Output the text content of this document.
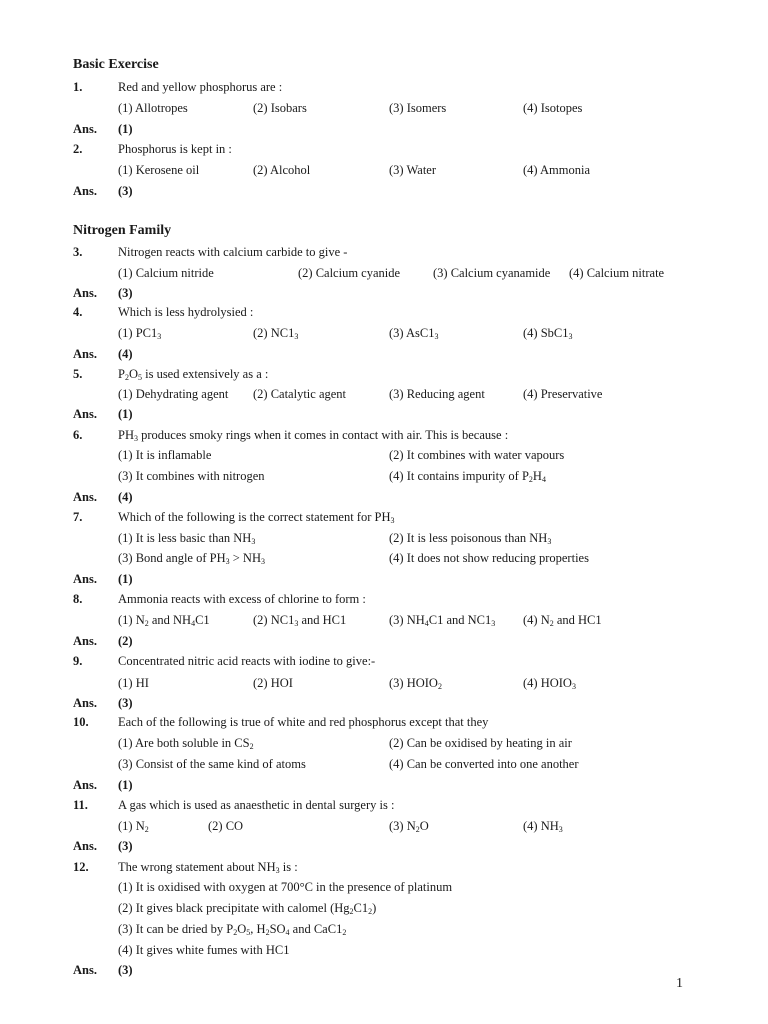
Basic Exercise
1.	Red and yellow phosphorus are :
(1) Allotropes	(2) Isobars	(3) Isomers	(4) Isotopes
Ans. (1)
2.	Phosphorus is kept in :
(1) Kerosene oil	(2) Alcohol	(3) Water	(4) Ammonia
Ans. (3)
Nitrogen Family
3.	Nitrogen reacts with calcium carbide to give -
(1) Calcium nitride	(2) Calcium cyanide	(3) Calcium cyanamide (4) Calcium nitrate
Ans. (3)
4.	Which is less hydrolysied :
(1) $PC1_3$	(2) $NC1_3$	(3) $AsC1_3$	(4) $SbC1_3$
Ans. (4)
5.	$P_2O_5$ is used extensively as a :
(1) Dehydrating agent (2) Catalytic agent	(3) Reducing agent	(4) Preservative
Ans. (1)
6.	$PH_3$ produces smoky rings when it comes in contact with air. This is because :
(1) It is inflamable	(2) It combines with water vapours
(3) It combines with nitrogen	(4) It contains impurity of $P_2H_4$
Ans. (4)
7.	Which of the following is the correct statement for $PH_3$
(1) It is less basic than $NH_3$	(2) It is less poisonous than $NH_3$
(3) Bond angle of $PH_3 > NH_3$	(4) It does not show reducing properties
Ans. (1)
8.	Ammonia reacts with excess of chlorine to form :
(1) $N_2$ and $NH_4C1$	(2) $NC1_3$ and HC1	(3) $NH_4C1$ and $NC1_3$ (4) $N_2$ and HC1
Ans. (2)
9.	Concentrated nitric acid reacts with iodine to give:-
(1) HI	(2) HOI	(3) $HOIO_2$	(4) $HOIO_3$
Ans. (3)
10. Each of the following is true of white and red phosphorus except that they
(1) Are both soluble in $CS_2$	(2) Can be oxidised by heating in air
(3) Consist of the same kind of atoms	(4) Can be converted into one another
Ans. (1)
11. A gas which is used as anaesthetic in dental surgery is :
(1) $N_2$	(2) CO	(3) $N_2O$	(4) $NH_3$
Ans. (3)
12. The wrong statement about $NH_3$ is :
(1) It is oxidised with oxygen at 700°C in the presence of platinum
(2) It gives black precipitate with calomel $(Hg_2C1_2)$
(3) It can be dried by $P_2O_5$, $H_2SO_4$ and $CaC1_2$
(4) It gives white fumes with HC1
Ans. (3)
1
